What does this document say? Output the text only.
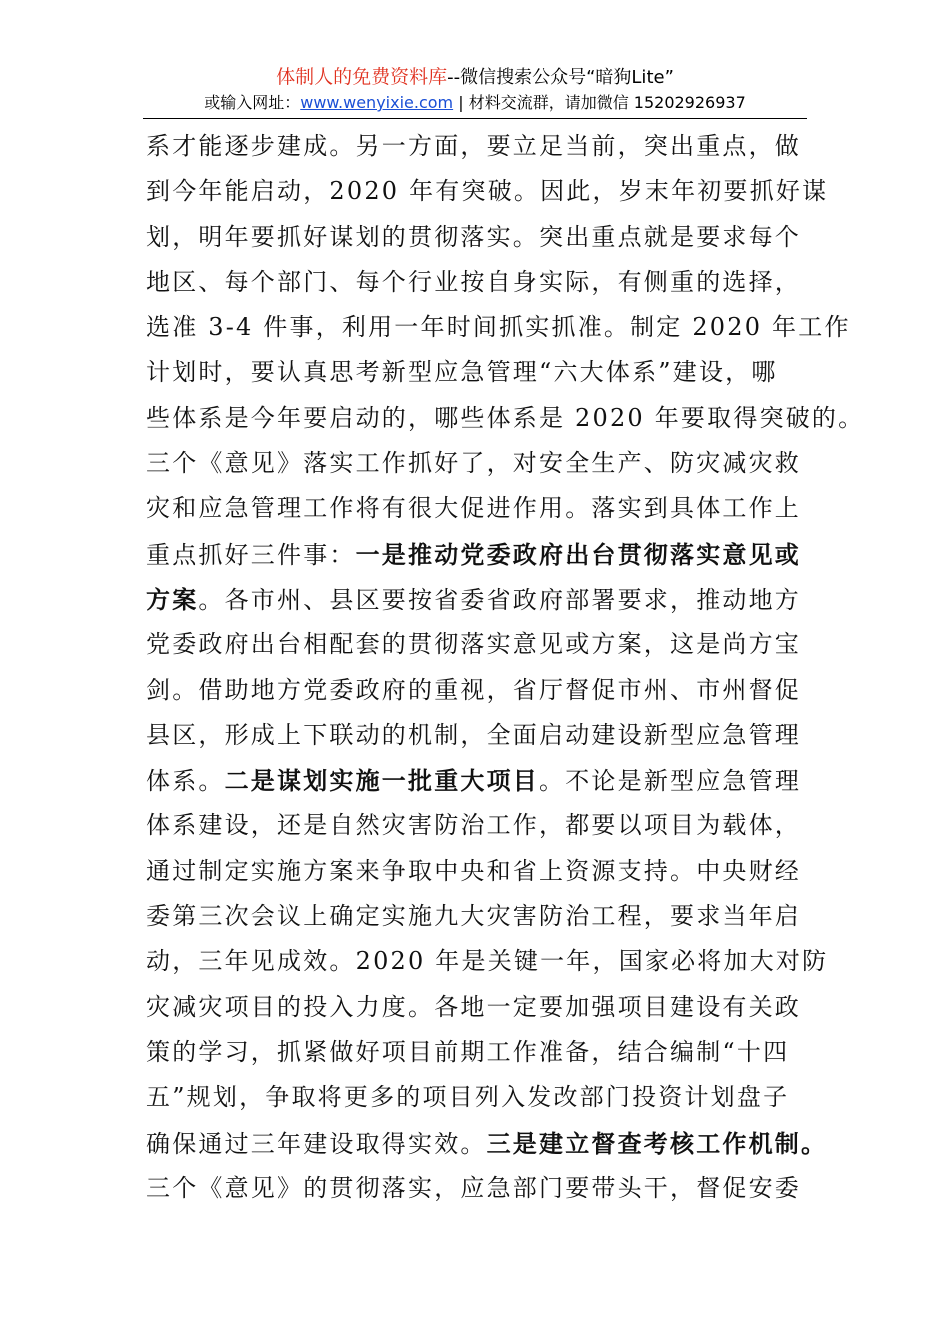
体制人的免费资料库--微信搜索公众号“暗狗Lite”
或输入网址：www.wenyixie.com | 材料交流群，请加微信 15202926937
系才能逐步建成。另一方面，要立足当前，突出重点，做
到今年能启动，2020 年有突破。因此，岁末年初要抓好谋
划，明年要抓好谋划的贯彻落实。突出重点就是要求每个
地区、每个部门、每个行业按自身实际，有侧重的选择，
选准 3-4 件事，利用一年时间抓实抓准。制定 2020 年工作
计划时，要认真思考新型应急管理“六大体系”建设，哪
些体系是今年要启动的，哪些体系是 2020 年要取得突破的。
三个《意见》落实工作抓好了，对安全生产、防灾减灾救
灾和应急管理工作将有很大促进作用。落实到具体工作上
重点抓好三件事：一是推动党委政府出台贯彻落实意见或
方案。各市州、县区要按省委省政府部署要求，推动地方
党委政府出台相配套的贯彻落实意见或方案，这是尚方宝
剑。借助地方党委政府的重视，省厅督促市州、市州督促
县区，形成上下联动的机制，全面启动建设新型应急管理
体系。二是谋划实施一批重大项目。不论是新型应急管理
体系建设，还是自然灾害防治工作，都要以项目为载体，
通过制定实施方案来争取中央和省上资源支持。中央财经
委第三次会议上确定实施九大灾害防治工程，要求当年启
动，三年见成效。2020 年是关键一年，国家必将加大对防
灾减灾项目的投入力度。各地一定要加强项目建设有关政
策的学习，抓紧做好项目前期工作准备，结合编制“十四
五”规划，争取将更多的项目列入发改部门投资计划盘子
确保通过三年建设取得实效。三是建立督查考核工作机制。
三个《意见》的贯彻落实，应急部门要带头干，督促安委
